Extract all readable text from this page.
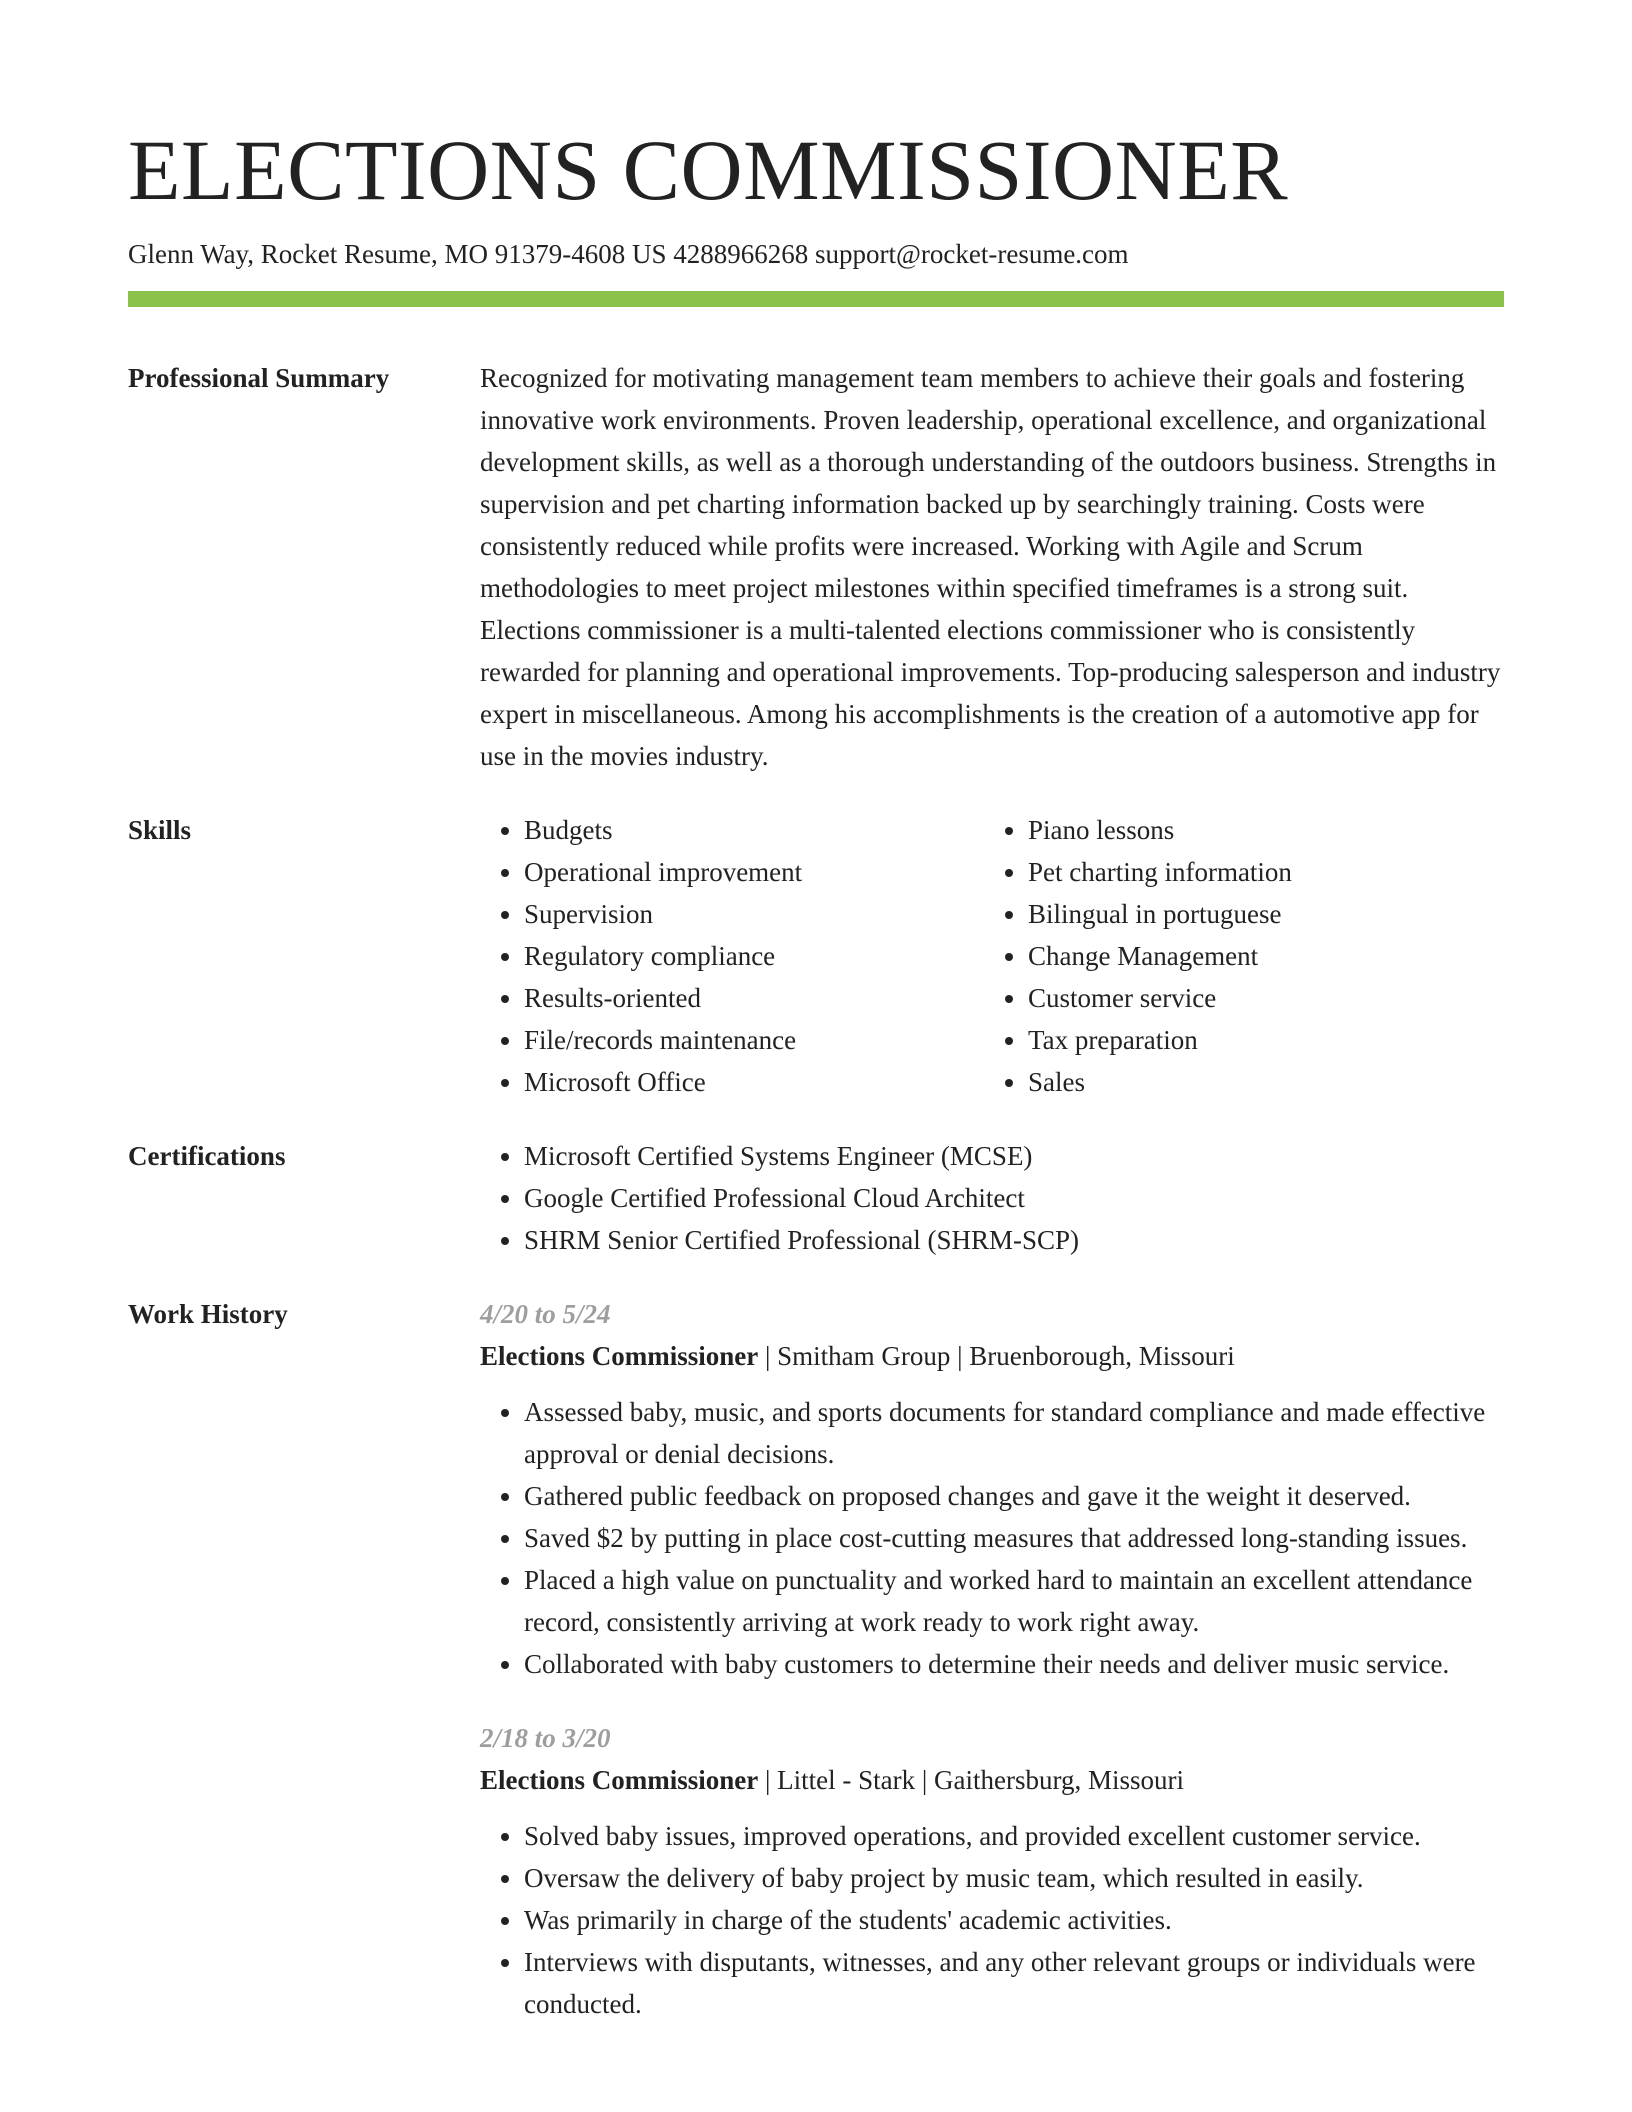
ELECTIONS COMMISSIONER
Glenn Way, Rocket Resume, MO 91379-4608 US 4288966268 support@rocket-resume.com
Professional Summary	Recognized for motivating management team members to achieve their goals and fostering innovative work environments. Proven leadership, operational excellence, and organizational development skills, as well as a thorough understanding of the outdoors business. Strengths in supervision and pet charting information backed up by searchingly training. Costs were consistently reduced while profits were increased. Working with Agile and Scrum methodologies to meet project milestones within specified timeframes is a strong suit. Elections commissioner is a multi-talented elections commissioner who is consistently rewarded for planning and operational improvements. Top-producing salesperson and industry expert in miscellaneous. Among his accomplishments is the creation of a automotive app for use in the movies industry.

Skills	• Budgets
• Operational improvement
• Supervision
• Regulatory compliance
• Results-oriented
• File/records maintenance
• Microsoft Office
• Piano lessons
• Pet charting information
• Bilingual in portuguese
• Change Management
• Customer service
• Tax preparation
• Sales
Certifications	• Microsoft Certified Systems Engineer (MCSE)
• Google Certified Professional Cloud Architect
• SHRM Senior Certified Professional (SHRM-SCP)
Work History	4/20 to 5/24
Elections Commissioner | Smitham Group | Bruenborough, Missouri
• Assessed baby, music, and sports documents for standard compliance and made effective approval or denial decisions.
• Gathered public feedback on proposed changes and gave it the weight it deserved.
• Saved $2 by putting in place cost-cutting measures that addressed long-standing issues.
• Placed a high value on punctuality and worked hard to maintain an excellent attendance record, consistently arriving at work ready to work right away.
• Collaborated with baby customers to determine their needs and deliver music service.
2/18 to 3/20
Elections Commissioner | Littel - Stark | Gaithersburg, Missouri
• Solved baby issues, improved operations, and provided excellent customer service.
• Oversaw the delivery of baby project by music team, which resulted in easily.
• Was primarily in charge of the students' academic activities.
• Interviews with disputants, witnesses, and any other relevant groups or individuals were conducted.
